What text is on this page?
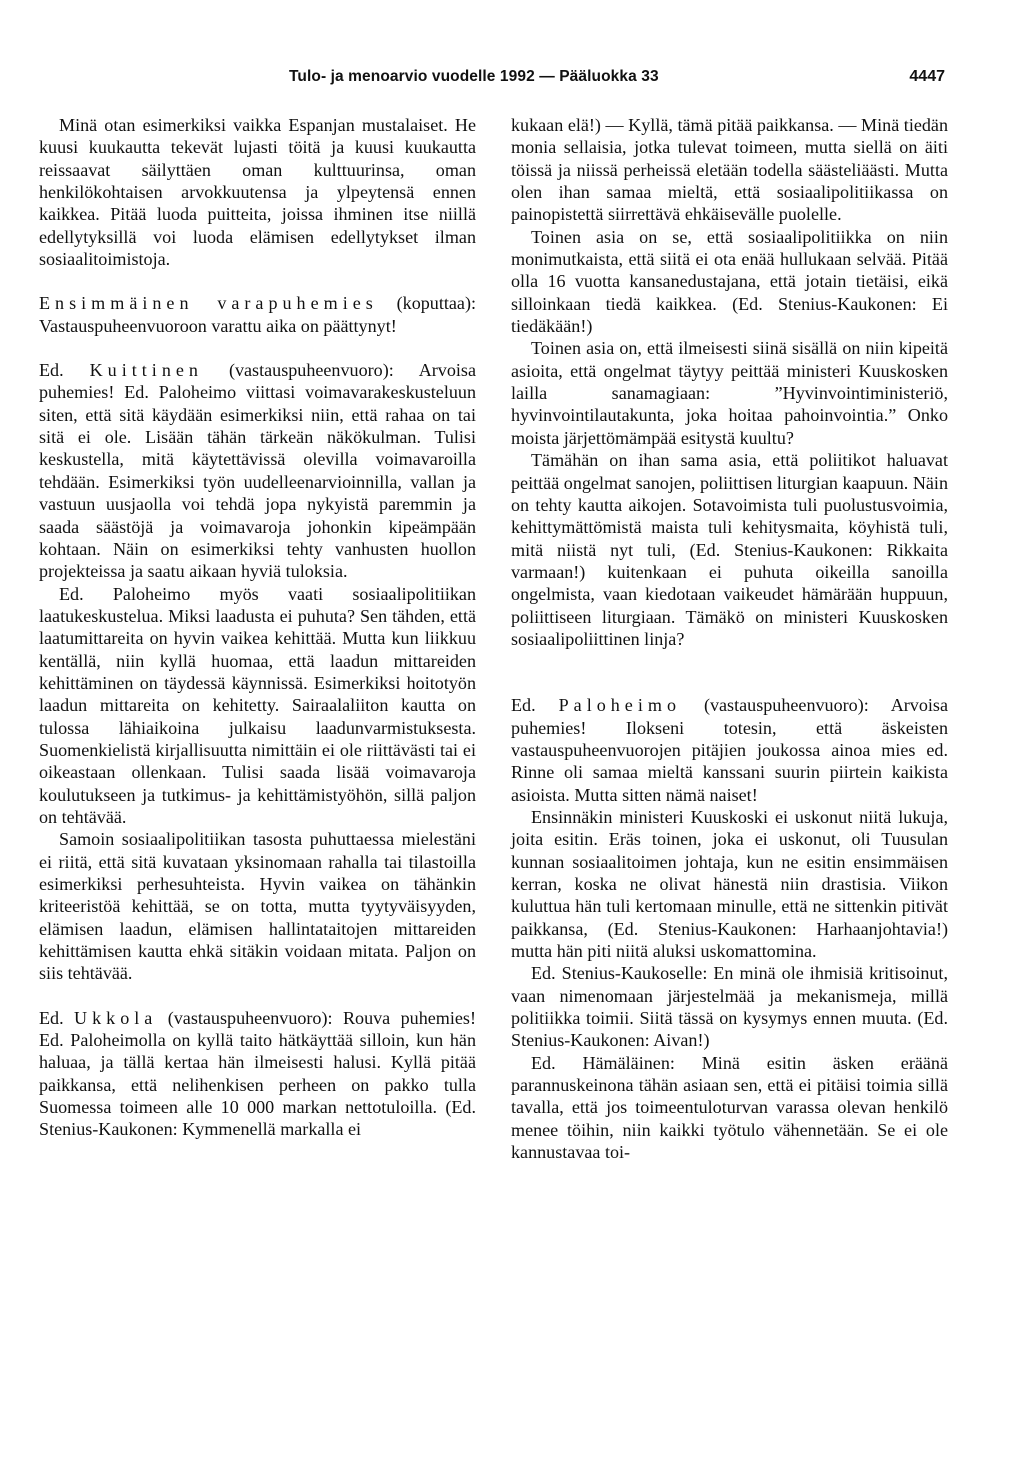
Tulo- ja menoarvio vuodelle 1992 — Pääluokka 33	4447

Minä otan esimerkiksi vaikka Espanjan mustalaiset. He kuusi kuukautta tekevät lujasti töitä ja kuusi kuukautta reissaavat säilyttäen oman kulttuurinsa, oman henkilökohtaisen arvokkuutensa ja ylpeytensä ennen kaikkea. Pitää luoda puitteita, joissa ihminen itse niillä edellytyksillä voi luoda elämisen edellytykset ilman sosiaalitoimistoja.

Ensimmäinen varapuhemies (koputtaa): Vastauspuheenvuoroon varattu aika on päättynyt!

Ed. Kuittinen (vastauspuheenvuoro): Arvoisa puhemies! Ed. Paloheimo viittasi voimavarakeskusteluun siten, että sitä käydään esimerkiksi niin, että rahaa on tai sitä ei ole. Lisään tähän tärkeän näkökulman. Tulisi keskustella, mitä käytettävissä olevilla voimavaroilla tehdään. Esimerkiksi työn uudelleenarvioinnilla, vallan ja vastuun uusjaolla voi tehdä jopa nykyistä paremmin ja saada säästöjä ja voimavaroja johonkin kipeämpään kohtaan. Näin on esimerkiksi tehty vanhusten huollon projekteissa ja saatu aikaan hyviä tuloksia.

Ed. Paloheimo myös vaati sosiaalipolitiikan laatukeskustelua. Miksi laadusta ei puhuta? Sen tähden, että laatumittareita on hyvin vaikea kehittää. Mutta kun liikkuu kentällä, niin kyllä huomaa, että laadun mittareiden kehittäminen on täydessä käynnissä. Esimerkiksi hoitotyön laadun mittareita on kehitetty. Sairaalaliiton kautta on tulossa lähiaikoina julkaisu laadunvarmistuksesta. Suomenkielistä kirjallisuutta nimittäin ei ole riittävästi tai ei oikeastaan ollenkaan. Tulisi saada lisää voimavaroja koulutukseen ja tutkimus- ja kehittämistyöhön, sillä paljon on tehtävää.

Samoin sosiaalipolitiikan tasosta puhuttaessa mielestäni ei riitä, että sitä kuvataan yksinomaan rahalla tai tilastoilla esimerkiksi perhesuhteista. Hyvin vaikea on tähänkin kriteeristöä kehittää, se on totta, mutta tyytyväisyyden, elämisen laadun, elämisen hallintataitojen mittareiden kehittämisen kautta ehkä sitäkin voidaan mitata. Paljon on siis tehtävää.

Ed. Ukkola (vastauspuheenvuoro): Rouva puhemies! Ed. Paloheimolla on kyllä taito hätkäyttää silloin, kun hän haluaa, ja tällä kertaa hän ilmeisesti halusi. Kyllä pitää paikkansa, että nelihenkisen perheen on pakko tulla Suomessa toimeen alle 10 000 markan nettotuloilla. (Ed. Stenius-Kaukonen: Kymmenellä markalla ei

kukaan elä!) — Kyllä, tämä pitää paikkansa. — Minä tiedän monia sellaisia, jotka tulevat toimeen, mutta siellä on äiti töissä ja niissä perheissä eletään todella säästeliäästi. Mutta olen ihan samaa mieltä, että sosiaalipolitiikassa on painopistettä siirrettävä ehkäisevälle puolelle.

Toinen asia on se, että sosiaalipolitiikka on niin monimutkaista, että siitä ei ota enää hullukaan selvää. Pitää olla 16 vuotta kansanedustajana, että jotain tietäisi, eikä silloinkaan tiedä kaikkea. (Ed. Stenius-Kaukonen: Ei tiedäkään!)

Toinen asia on, että ilmeisesti siinä sisällä on niin kipeitä asioita, että ongelmat täytyy peittää ministeri Kuuskosken lailla sanamagiaan: ”Hyvinvointiministeriö, hyvinvointilautakunta, joka hoitaa pahoinvointia.” Onko moista järjettömämpää esitystä kuultu?

Tämähän on ihan sama asia, että poliitikot haluavat peittää ongelmat sanojen, poliittisen liturgian kaapuun. Näin on tehty kautta aikojen. Sotavoimista tuli puolustusvoimia, kehittymättömistä maista tuli kehitysmaita, köyhistä tuli, mitä niistä nyt tuli, (Ed. Stenius-Kaukonen: Rikkaita varmaan!) kuitenkaan ei puhuta oikeilla sanoilla ongelmista, vaan kiedotaan vaikeudet hämärään huppuun, poliittiseen liturgiaan. Tämäkö on ministeri Kuuskosken sosiaalipoliittinen linja?

Ed. Paloheimo (vastauspuheenvuoro): Arvoisa puhemies! Ilokseni totesin, että äskeisten vastauspuheenvuorojen pitäjien joukossa ainoa mies ed. Rinne oli samaa mieltä kanssani suurin piirtein kaikista asioista. Mutta sitten nämä naiset!

Ensinnäkin ministeri Kuuskoski ei uskonut niitä lukuja, joita esitin. Eräs toinen, joka ei uskonut, oli Tuusulan kunnan sosiaalitoimen johtaja, kun ne esitin ensimmäisen kerran, koska ne olivat hänestä niin drastisia. Viikon kuluttua hän tuli kertomaan minulle, että ne sittenkin pitivät paikkansa, (Ed. Stenius-Kaukonen: Harhaanjohtavia!) mutta hän piti niitä aluksi uskomattomina.

Ed. Stenius-Kaukoselle: En minä ole ihmisiä kritisoinut, vaan nimenomaan järjestelmää ja mekanismeja, millä politiikka toimii. Siitä tässä on kysymys ennen muuta. (Ed. Stenius-Kaukonen: Aivan!)

Ed. Hämäläinen: Minä esitin äsken eräänä parannuskeinona tähän asiaan sen, että ei pitäisi toimia sillä tavalla, että jos toimeentuloturvan varassa olevan henkilö menee töihin, niin kaikki työtulo vähennetään. Se ei ole kannustavaa toi-
